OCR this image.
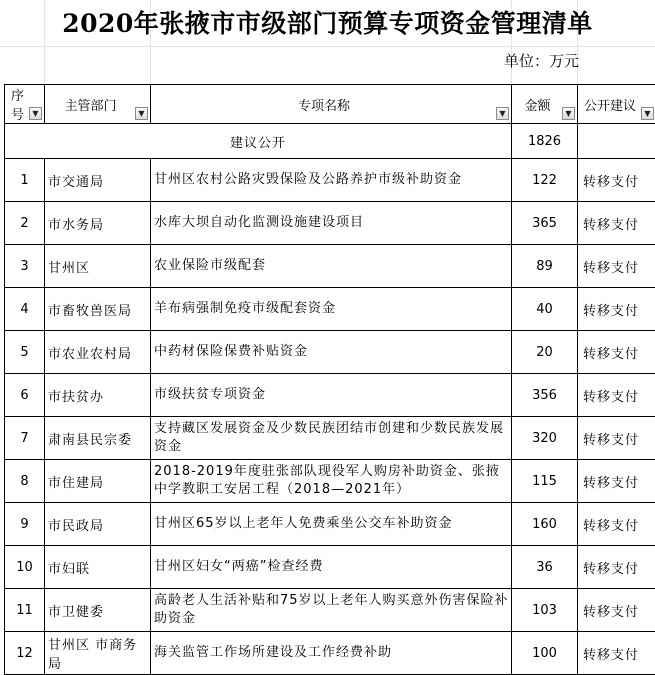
2020年张掖市市级部门预算专项资金管理清单
单位：万元
序号 ▼	主管部门 ▼	专项名称 ▼	金额 ▼	公开建议 ▼

建议公开			1826	
1	市交通局	甘州区农村公路灾毁保险及公路养护市级补助资金	122	转移支付
2	市水务局	水库大坝自动化监测设施建设项目	365	转移支付
3	甘州区	农业保险市级配套	89	转移支付
4	市畜牧兽医局	羊布病强制免疫市级配套资金	40	转移支付
5	市农业农村局	中药材保险保费补贴资金	20	转移支付
6	市扶贫办	市级扶贫专项资金	356	转移支付
7	肃南县民宗委	支持藏区发展资金及少数民族团结市创建和少数民族发展资金	320	转移支付
8	市住建局	2018-2019年度驻张部队现役军人购房补助资金、张掖中学教职工安居工程（2018—2021年）	115	转移支付
9	市民政局	甘州区65岁以上老年人免费乘坐公交车补助资金	160	转移支付
10	市妇联	甘州区妇女“两癌”检查经费	36	转移支付
11	市卫健委	高龄老人生活补贴和75岁以上老年人购买意外伤害保险补助资金	103	转移支付
12	甘州区 市商务局	海关监管工作场所建设及工作经费补助	100	转移支付
